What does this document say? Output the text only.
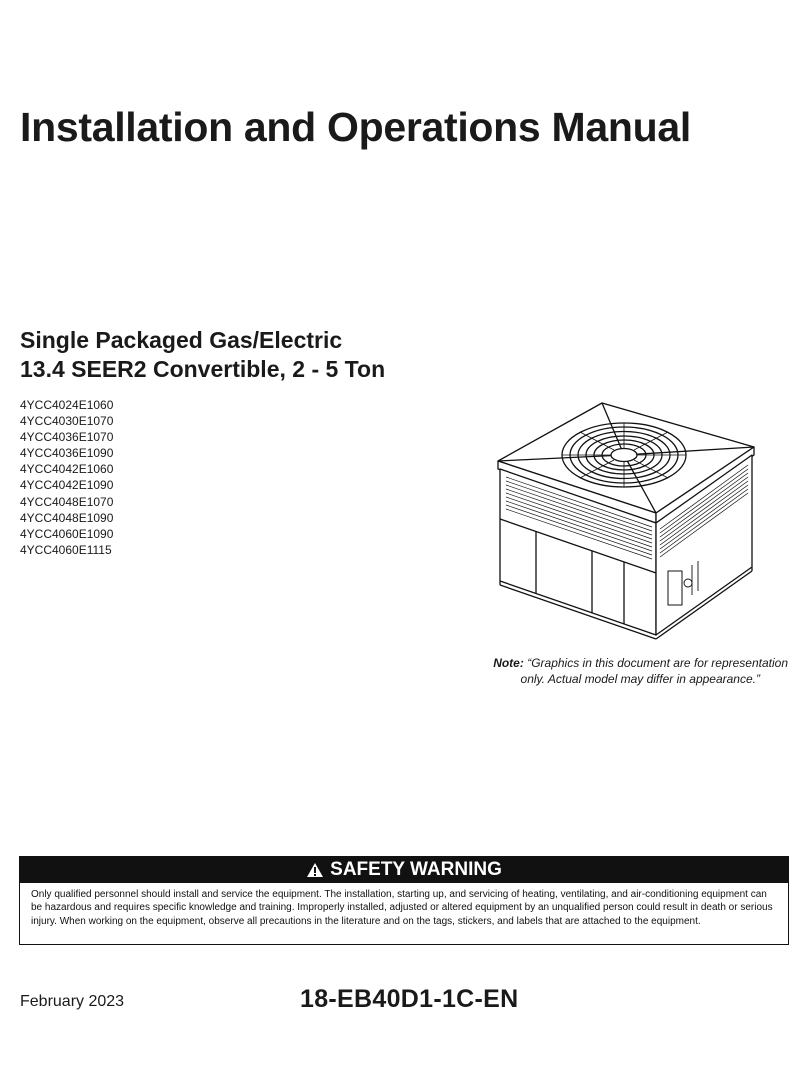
Installation and Operations Manual
Single Packaged Gas/Electric
13.4 SEER2 Convertible, 2 - 5 Ton
4YCC4024E1060
4YCC4030E1070
4YCC4036E1070
4YCC4036E1090
4YCC4042E1060
4YCC4042E1090
4YCC4048E1070
4YCC4048E1090
4YCC4060E1090
4YCC4060E1115
Note: “Graphics in this document are for representation
only. Actual model may differ in appearance.”
SAFETY WARNING

Only qualified personnel should install and service the equipment. The installation, starting up, and servicing of heating, ventilating, and air-conditioning equipment can be hazardous and requires specific knowledge and training. Improperly installed, adjusted or altered equipment by an unqualified person could result in death or serious injury. When working on the equipment, observe all precautions in the literature and on the tags, stickers, and labels that are attached to the equipment.

February 2023	18-EB40D1-1C-EN
